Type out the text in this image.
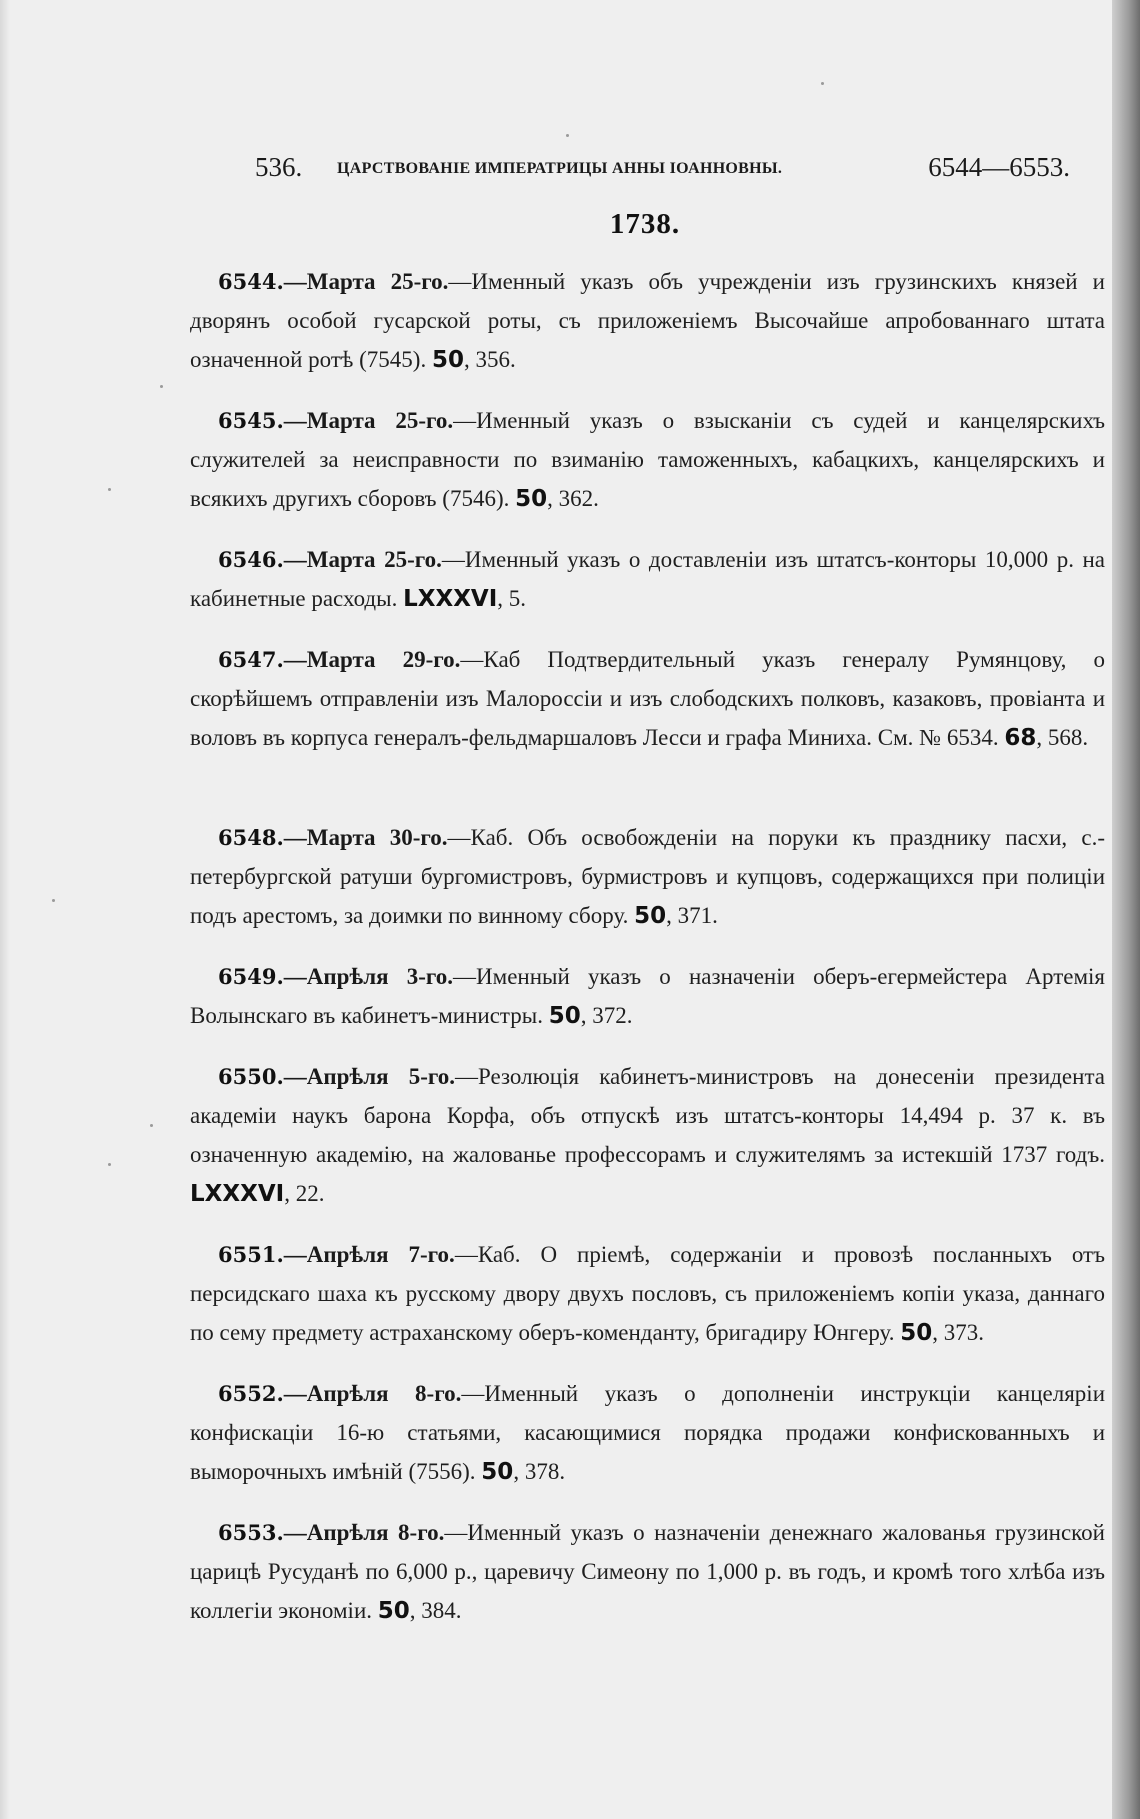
536. ЦАРСТВОВАНІЕ ИМПЕРАТРИЦЫ АННЫ ІОАННОВНЫ.	6544—6553.
1738.

6544.—Марта 25-го.—Именный указъ объ учрежденіи изъ грузинскихъ князей и дворянъ особой гусарской роты, съ приложеніемъ Высочайше апробованнаго штата означенной ротѣ (7545). 50, 356.

6545.—Марта 25-го.—Именный указъ о взысканіи съ судей и канцелярскихъ служителей за неисправности по взиманію таможенныхъ, кабацкихъ, канцелярскихъ и всякихъ другихъ сборовъ (7546). 50, 362.

6546.—Марта 25-го.—Именный указъ о доставленіи изъ штатсъ-конторы 10,000 р. на кабинетные расходы. LXXXVI, 5.

6547.—Марта 29-го.—Каб Подтвердительный указъ генералу Румянцову, о скорѣйшемъ отправленіи изъ Малороссіи и изъ слободскихъ полковъ, казаковъ, провіанта и воловъ въ корпуса генералъ-фельдмаршаловъ Лесси и графа Миниха. См. № 6534. 68, 568.

6548.—Марта 30-го.—Каб. Объ освобожденіи на поруки къ празднику пасхи, с.-петербургской ратуши бургомистровъ, бурмистровъ и купцовъ, содержащихся при полиціи подъ арестомъ, за доимки по винному сбору. 50, 371.

6549.—Апрѣля 3-го.—Именный указъ о назначеніи оберъ-егермейстера Артемія Волынскаго въ кабинетъ-министры. 50, 372.

6550.—Апрѣля 5-го.—Резолюція кабинетъ-министровъ на донесеніи президента академіи наукъ барона Корфа, объ отпускѣ изъ штатсъ-конторы 14,494 р. 37 к. въ означенную академію, на жалованье профессорамъ и служителямъ за истекшій 1737 годъ. LXXXVI, 22.

6551.—Апрѣля 7-го.—Каб. О пріемѣ, содержаніи и провозѣ посланныхъ отъ персидскаго шаха къ русскому двору двухъ пословъ, съ приложеніемъ копіи указа, даннаго по сему предмету астраханскому оберъ-коменданту, бригадиру Юнгеру. 50, 373.

6552.—Апрѣля 8-го.—Именный указъ о дополненіи инструкціи канцеляріи конфискаціи 16-ю статьями, касающимися порядка продажи конфискованныхъ и выморочныхъ имѣній (7556). 50, 378.

6553.—Апрѣля 8-го.—Именный указъ о назначеніи денежнаго жалованья грузинской царицѣ Русуданѣ по 6,000 р., царевичу Симеону по 1,000 р. въ годъ, и кромѣ того хлѣба изъ коллегіи экономіи. 50, 384.
